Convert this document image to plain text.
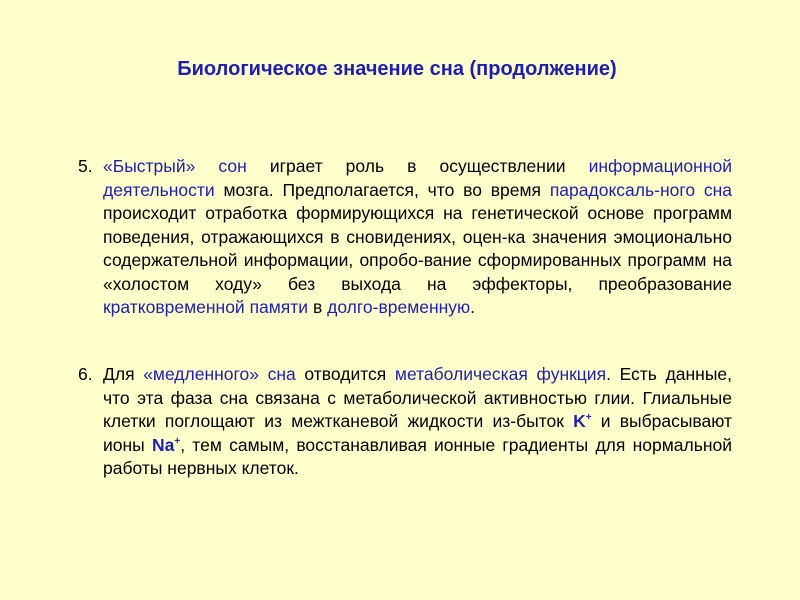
Биологическое значение сна (продолжение)
5. «Быстрый» сон играет роль в осуществлении информационной деятельности мозга. Предполагается, что во время парадоксаль-ного сна происходит отработка формирующихся на генетической основе программ поведения, отражающихся в сновидениях, оцен-ка значения эмоционально содержательной информации, опробо-вание сформированных программ на «холостом ходу» без выхода на эффекторы, преобразование кратковременной памяти в долго-временную.
6. Для «медленного» сна отводится метаболическая функция. Есть данные, что эта фаза сна связана с метаболической активностью глии. Глиальные клетки поглощают из межтканевой жидкости из-быток K+ и выбрасывают ионы Na+, тем самым, восстанавливая ионные градиенты для нормальной работы нервных клеток.
